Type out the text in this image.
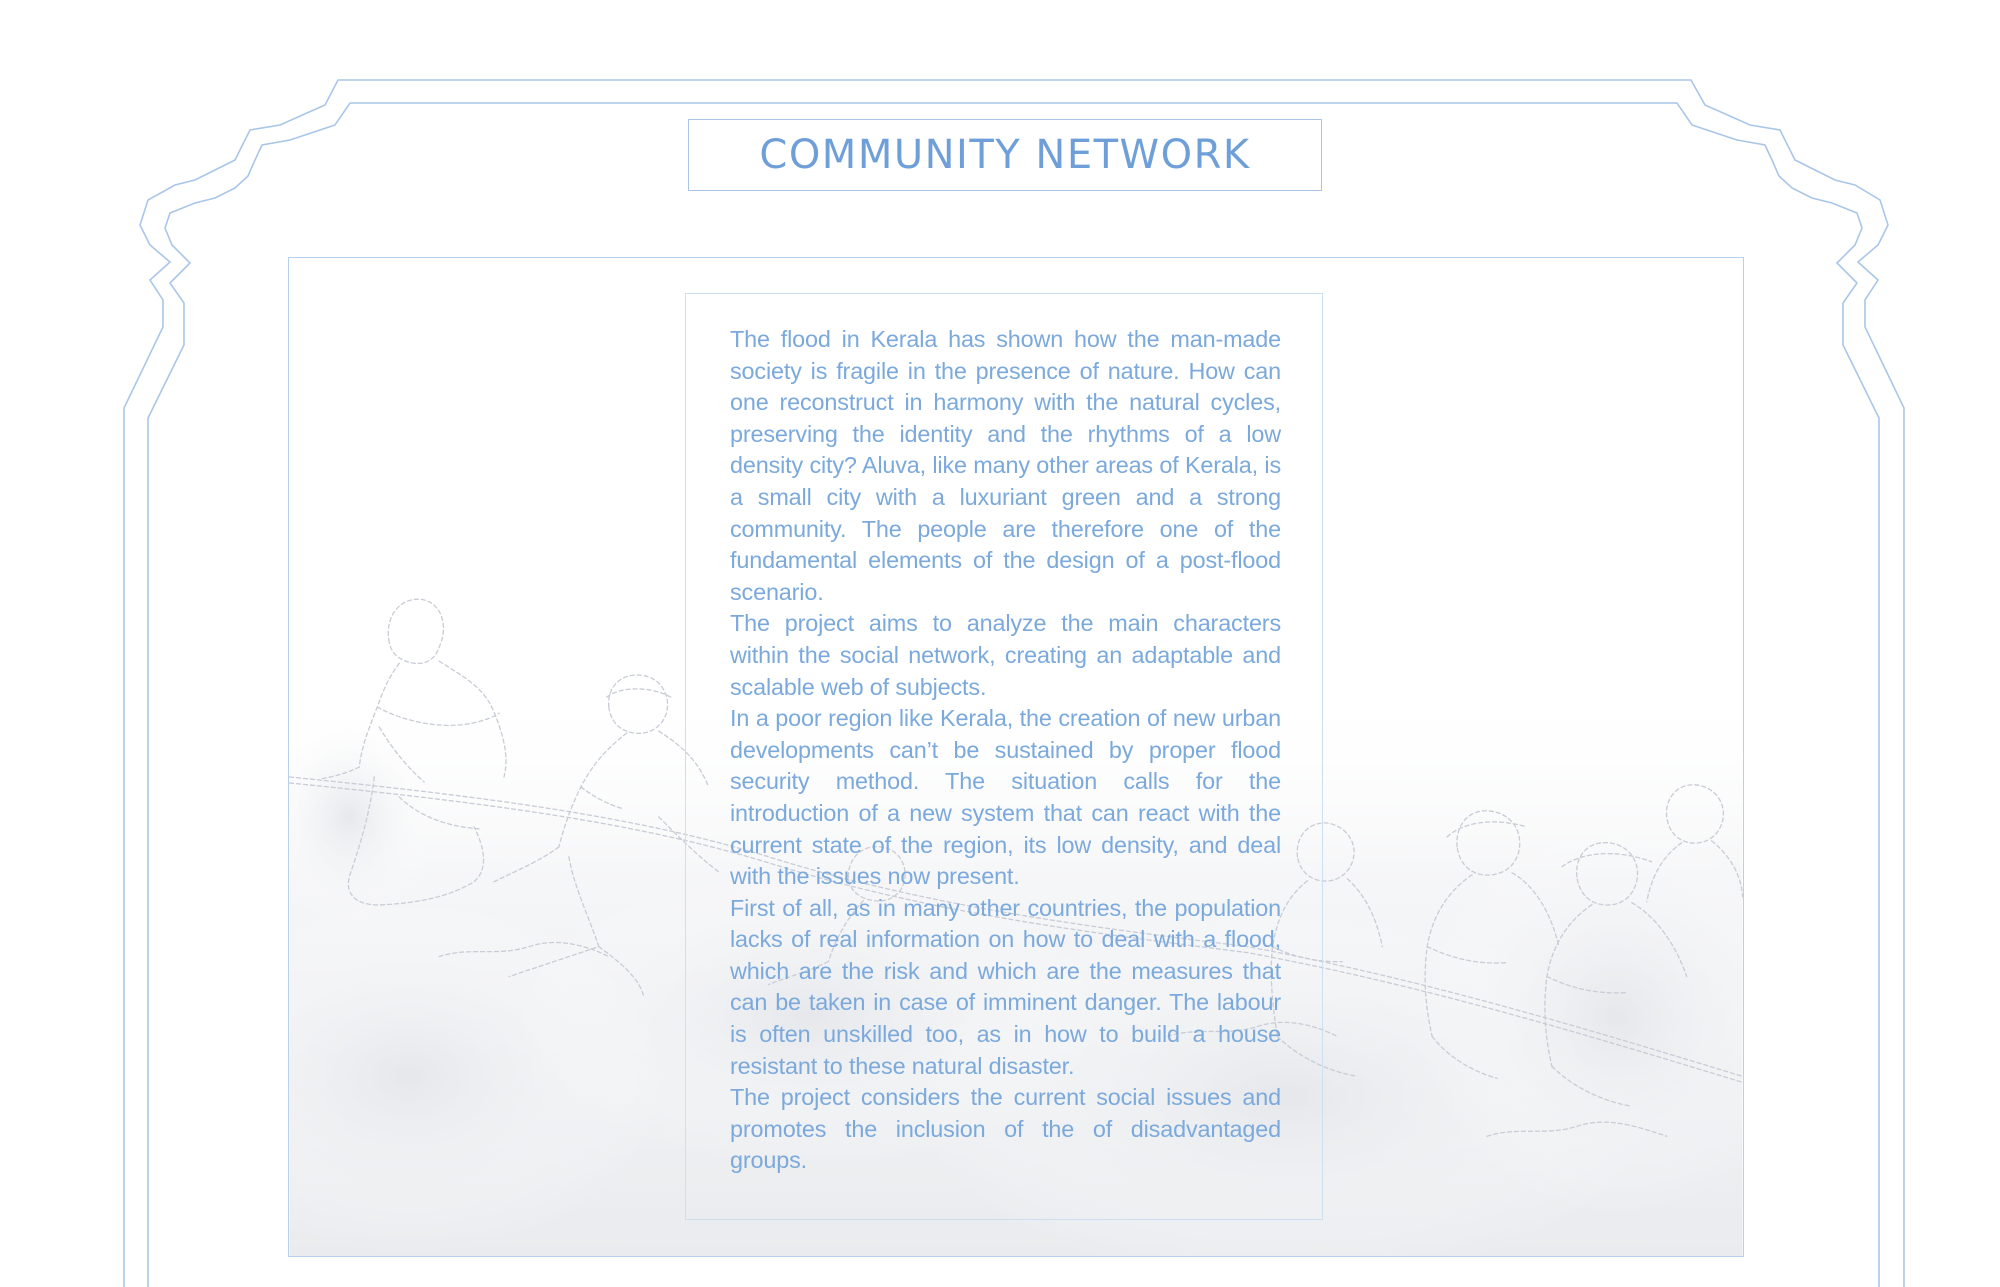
COMMUNITY NETWORK

The flood in Kerala has shown how the man-made society is fragile in the presence of nature. How can one reconstruct in harmony with the natural cycles, preserving the identity and the rhythms of a low density city? Aluva, like many other areas of Kerala, is a small city with a luxuriant green and a strong community. The people are therefore one of the fundamental elements of the design of a post-flood scenario.

The project aims to analyze the main characters within the social network, creating an adaptable and scalable web of subjects.

In a poor region like Kerala, the creation of new urban developments can’t be sustained by proper flood security method. The situation calls for the introduction of a new system that can react with the current state of the region, its low density, and deal with the issues now present.

First of all, as in many other countries, the population lacks of real information on how to deal with a flood, which are the risk and which are the measures that can be taken in case of imminent danger. The labour is often unskilled too, as in how to build a house resistant to these natural disaster.

The project considers the current social issues and promotes the inclusion of the of disadvantaged groups.
